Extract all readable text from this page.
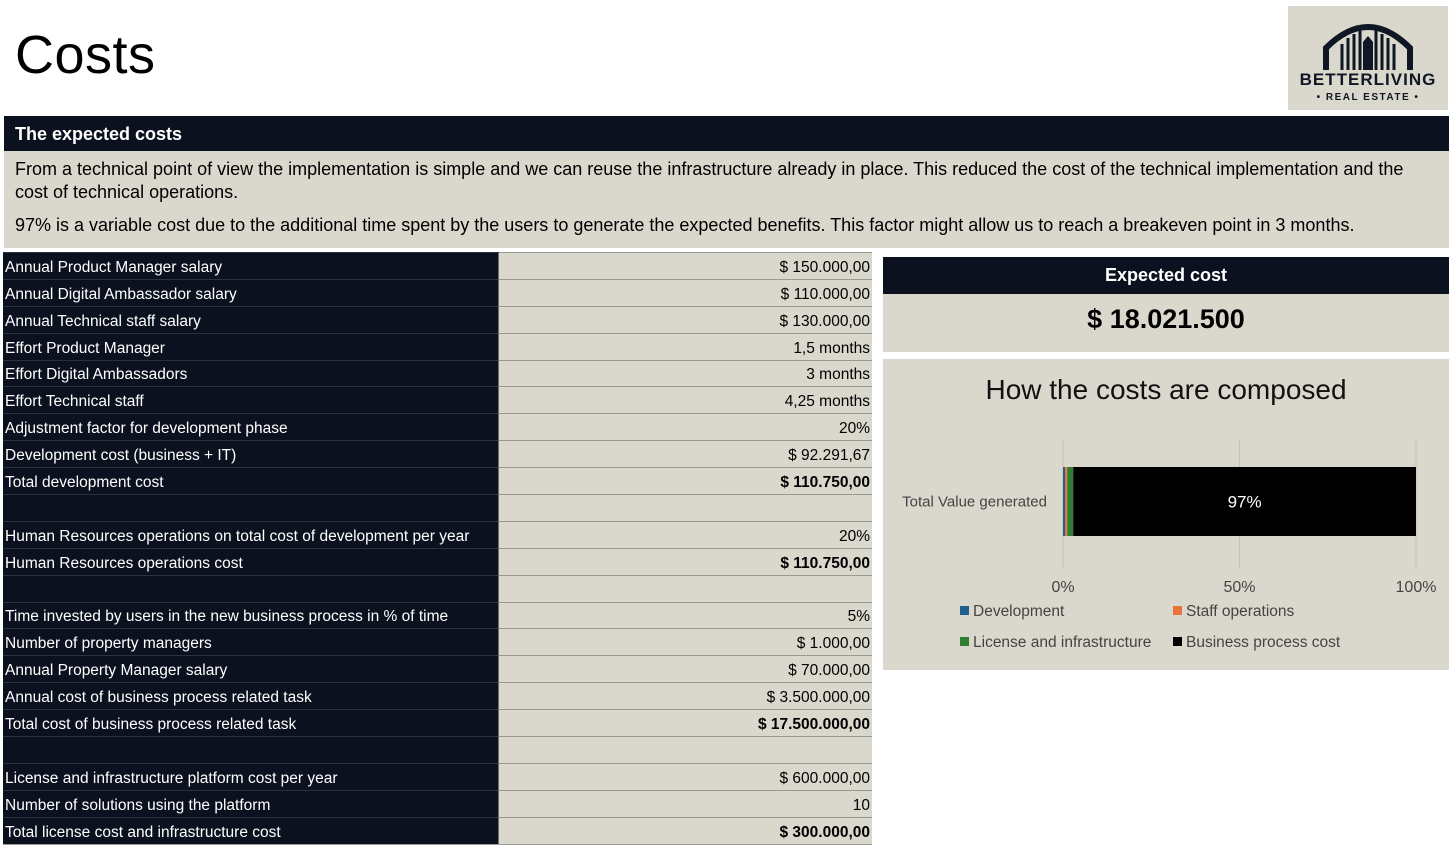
Costs	BETTERLIVING
• REAL ESTATE •
The expected costs

From a technical point of view the implementation is simple and we can reuse the infrastructure already in place. This reduced the cost of the technical implementation and the cost of technical operations.

97% is a variable cost due to the additional time spent by the users to generate the expected benefits. This factor might allow us to reach a breakeven point in 3 months.

Annual Product Manager salary	$ 150.000,00
Annual Digital Ambassador salary	$ 110.000,00
Annual Technical staff salary	$ 130.000,00
Effort Product Manager	1,5 months
Effort Digital Ambassadors	3 months
Effort Technical staff	4,25 months
Adjustment factor for development phase	20%
Development cost (business + IT)	$ 92.291,67
Total development cost	$ 110.750,00

Human Resources operations on total cost of development per year	20%
Human Resources operations cost	$ 110.750,00

Time invested by users in the new business process in % of time	5%
Number of property managers	$ 1.000,00
Annual Property Manager salary	$ 70.000,00
Annual cost of business process related task	$ 3.500.000,00
Total cost of business process related task	$ 17.500.000,00

License and infrastructure platform cost per year	$ 600.000,00
Number of solutions using the platform	10
Total license cost and infrastructure cost	$ 300.000,00
Expected cost
$ 18.021.500
How the costs are composed
Total Value generated	97%
0%	50%	100%
Development	Staff operations
License and infrastructure Business process cost
